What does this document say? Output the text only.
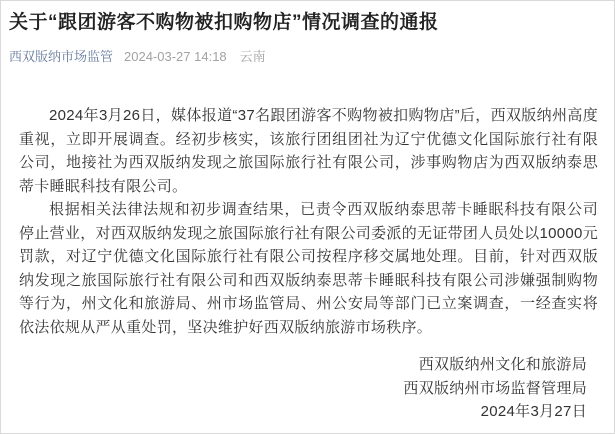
关于“跟团游客不购物被扣购物店”情况调查的通报
西双版纳市场监管 2024-03-27 14:18 云南

2024年3月26日，媒体报道“37名跟团游客不购物被扣购物店”后，西双版纳州高度重视，立即开展调查。经初步核实，该旅行团组团社为辽宁优德文化国际旅行社有限公司，地接社为西双版纳发现之旅国际旅行社有限公司，涉事购物店为西双版纳泰思蒂卡睡眠科技有限公司。

根据相关法律法规和初步调查结果，已责令西双版纳泰思蒂卡睡眠科技有限公司停止营业，对西双版纳发现之旅国际旅行社有限公司委派的无证带团人员处以10000元罚款，对辽宁优德文化国际旅行社有限公司按程序移交属地处理。目前，针对西双版纳发现之旅国际旅行社有限公司和西双版纳泰思蒂卡睡眠科技有限公司涉嫌强制购物等行为，州文化和旅游局、州市场监管局、州公安局等部门已立案调查，一经查实将依法依规从严从重处罚，坚决维护好西双版纳旅游市场秩序。

西双版纳州文化和旅游局
西双版纳州市场监督管理局
2024年3月27日
